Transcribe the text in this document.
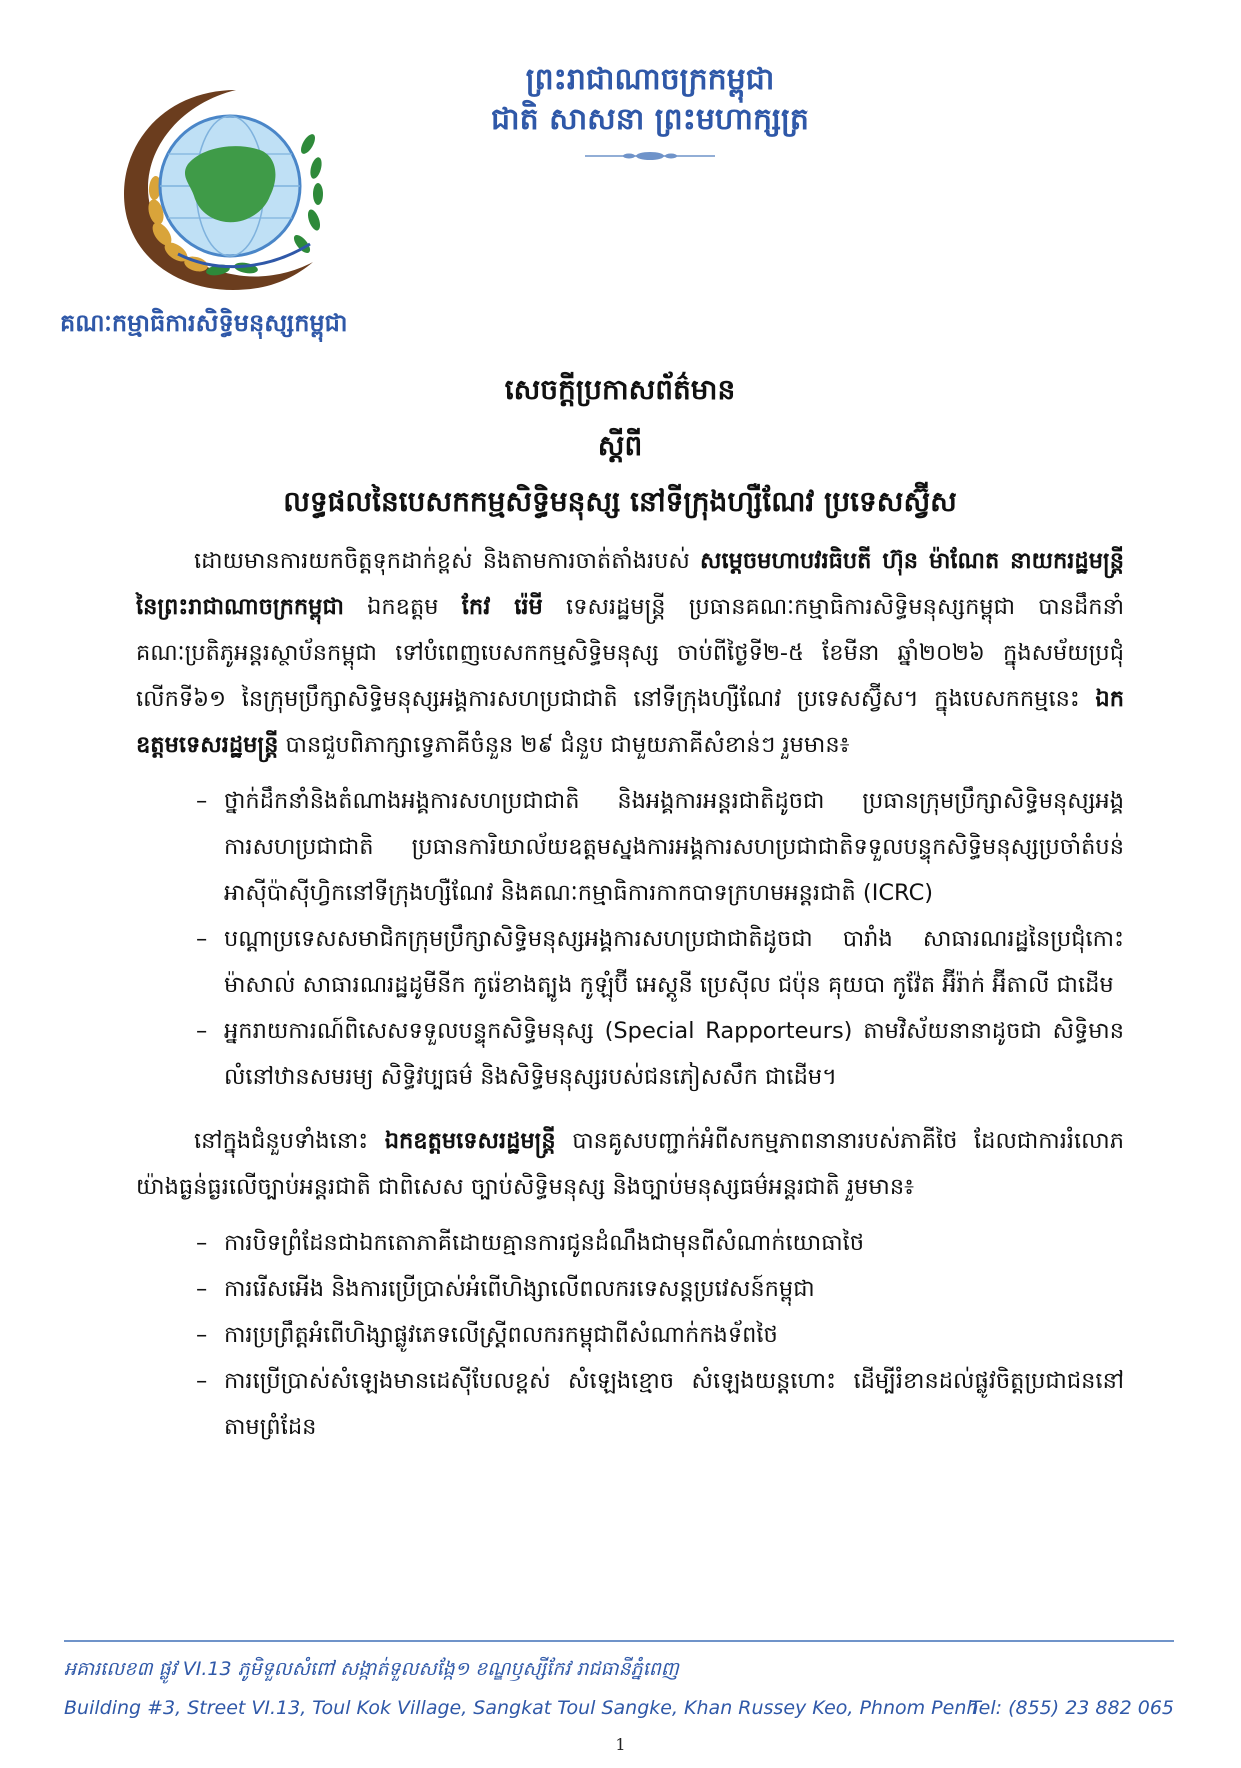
គណៈកម្មាធិការសិទ្ធិមនុស្សកម្ពុជា
ព្រះរាជាណាចក្រកម្ពុជា
ជាតិ សាសនា ព្រះមហាក្សត្រ
សេចក្តីប្រកាសព័ត៌មាន
ស្តីពី
លទ្ធផលនៃបេសកកម្មសិទ្ធិមនុស្ស នៅទីក្រុងហ្សឺណែវ ប្រទេសស្វ៊ីស

ដោយមានការយកចិត្តទុកដាក់ខ្ពស់ និងតាមការចាត់តាំងរបស់ សម្តេចមហាបវរធិបតី ហ៊ុន ម៉ាណែត នាយករដ្ឋមន្ត្រីនៃព្រះរាជាណាចក្រកម្ពុជា ឯកឧត្តម កែវ រ៉េមី ទេសរដ្ឋមន្ត្រី ប្រធានគណៈកម្មាធិការសិទ្ធិមនុស្សកម្ពុជា បានដឹកនាំគណៈប្រតិភូអន្តរស្ថាប័នកម្ពុជា ទៅបំពេញបេសកកម្មសិទ្ធិមនុស្ស ចាប់ពីថ្ងៃទី២-៥ ខែមីនា ឆ្នាំ២០២៦ ក្នុងសម័យប្រជុំលើកទី៦១ នៃក្រុមប្រឹក្សាសិទ្ធិមនុស្សអង្គការសហប្រជាជាតិ នៅទីក្រុងហ្សឺណែវ ប្រទេសស្វ៊ីស។ ក្នុងបេសកកម្មនេះ ឯកឧត្តមទេសរដ្ឋមន្ត្រី បានជួបពិភាក្សាទ្វេភាគីចំនួន ២៩ ជំនួប ជាមួយភាគីសំខាន់ៗ រួមមាន៖

– ថ្នាក់ដឹកនាំនិងតំណាងអង្គការសហប្រជាជាតិ និងអង្គការអន្តរជាតិដូចជា ប្រធានក្រុមប្រឹក្សាសិទ្ធិមនុស្សអង្គការសហប្រជាជាតិ ប្រធានការិយាល័យឧត្តមស្នងការអង្គការសហប្រជាជាតិទទួលបន្ទុកសិទ្ធិមនុស្សប្រចាំតំបន់អាស៊ីប៉ាស៊ីហ្វិកនៅទីក្រុងហ្សឺណែវ និងគណៈកម្មាធិការកាកបាទក្រហមអន្តរជាតិ (ICRC)
– បណ្តាប្រទេសសមាជិកក្រុមប្រឹក្សាសិទ្ធិមនុស្សអង្គការសហប្រជាជាតិដូចជា បារាំង សាធារណរដ្ឋនៃប្រជុំកោះម៉ាសាល់ សាធារណរដ្ឋដូមីនីក កូរ៉េខាងត្បូង កូឡុំប៊ី អេស្តូនី ប្រេស៊ីល ជប៉ុន គុយបា កូវ៉ែត អ៊ីរ៉ាក់ អ៊ីតាលី ជាដើម
– អ្នករាយការណ៍ពិសេសទទួលបន្ទុកសិទ្ធិមនុស្ស (Special Rapporteurs) តាមវិស័យនានាដូចជា សិទ្ធិមានលំនៅឋានសមរម្យ សិទ្ធិវប្បធម៌ និងសិទ្ធិមនុស្សរបស់ជនភៀសសឹក ជាដើម។

នៅក្នុងជំនួបទាំងនោះ ឯកឧត្តមទេសរដ្ឋមន្ត្រី បានគូសបញ្ជាក់អំពីសកម្មភាពនានារបស់ភាគីថៃ ដែលជាការរំលោភយ៉ាងធ្ងន់ធ្ងរលើច្បាប់អន្តរជាតិ ជាពិសេស ច្បាប់សិទ្ធិមនុស្ស និងច្បាប់មនុស្សធម៌អន្តរជាតិ រួមមាន៖

– ការបិទព្រំដែនជាឯកតោភាគីដោយគ្មានការជូនដំណឹងជាមុនពីសំណាក់យោធាថៃ
– ការរើសអើង និងការប្រើប្រាស់អំពើហិង្សាលើពលករទេសន្តប្រវេសន៍កម្ពុជា
– ការប្រព្រឹត្តអំពើហិង្សាផ្លូវភេទលើស្ត្រីពលករកម្ពុជាពីសំណាក់កងទ័ពថៃ
– ការប្រើប្រាស់សំឡេងមានដេស៊ីបែលខ្ពស់ សំឡេងខ្មោច សំឡេងយន្តហោះ ដើម្បីរំខានដល់ផ្លូវចិត្តប្រជាជននៅតាមព្រំដែន
អគារលេខ៣ ផ្លូវ VI.13 ភូមិទួលសំពៅ សង្កាត់ទួលសង្កែ១ ខណ្ឌឫស្សីកែវ រាជធានីភ្នំពេញ
Building #3, Street VI.13, Toul Kok Village, Sangkat Toul Sangke, Khan Russey Keo, Phnom Penh
Tel: (855) 23 882 065
1
